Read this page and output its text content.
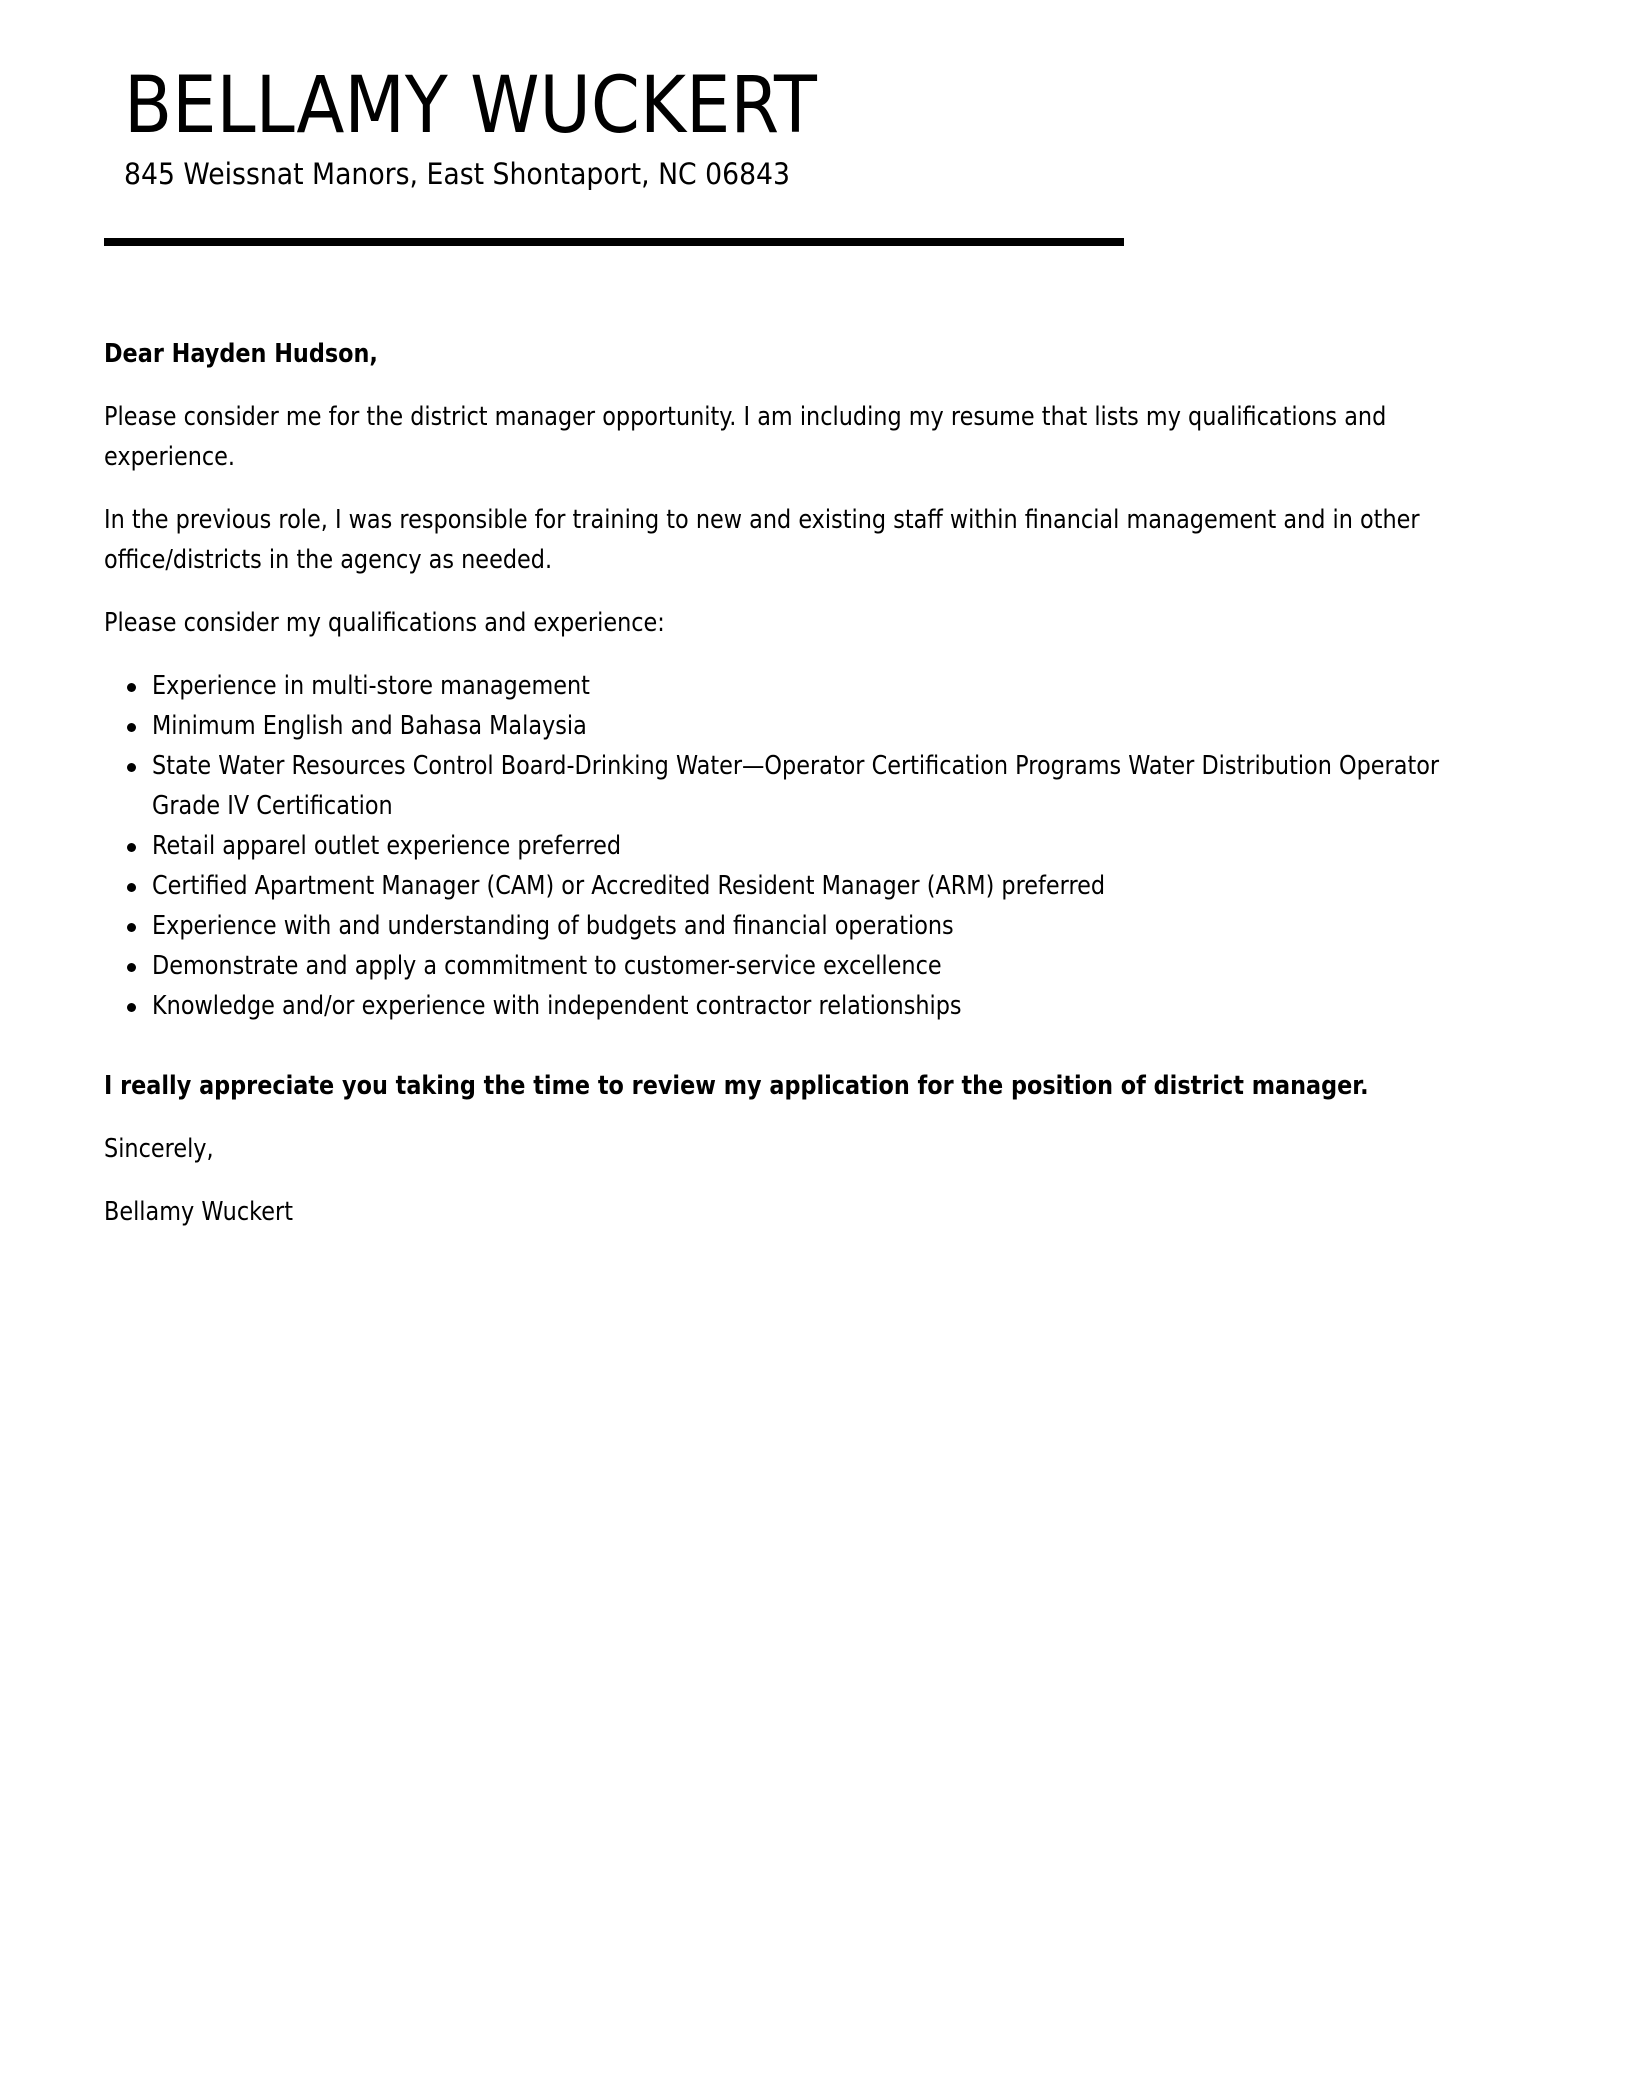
BELLAMY WUCKERT
845 Weissnat Manors, East Shontaport, NC 06843

Dear Hayden Hudson,

Please consider me for the district manager opportunity. I am including my resume that lists my qualifications and experience.

In the previous role, I was responsible for training to new and existing staff within financial management and in other office/districts in the agency as needed.

Please consider my qualifications and experience:

Experience in multi-store management
Minimum English and Bahasa Malaysia
State Water Resources Control Board-Drinking Water—Operator Certification Programs Water Distribution Operator Grade IV Certification
Retail apparel outlet experience preferred
Certified Apartment Manager (CAM) or Accredited Resident Manager (ARM) preferred
Experience with and understanding of budgets and financial operations
Demonstrate and apply a commitment to customer-service excellence
Knowledge and/or experience with independent contractor relationships

I really appreciate you taking the time to review my application for the position of district manager.

Sincerely,

Bellamy Wuckert
